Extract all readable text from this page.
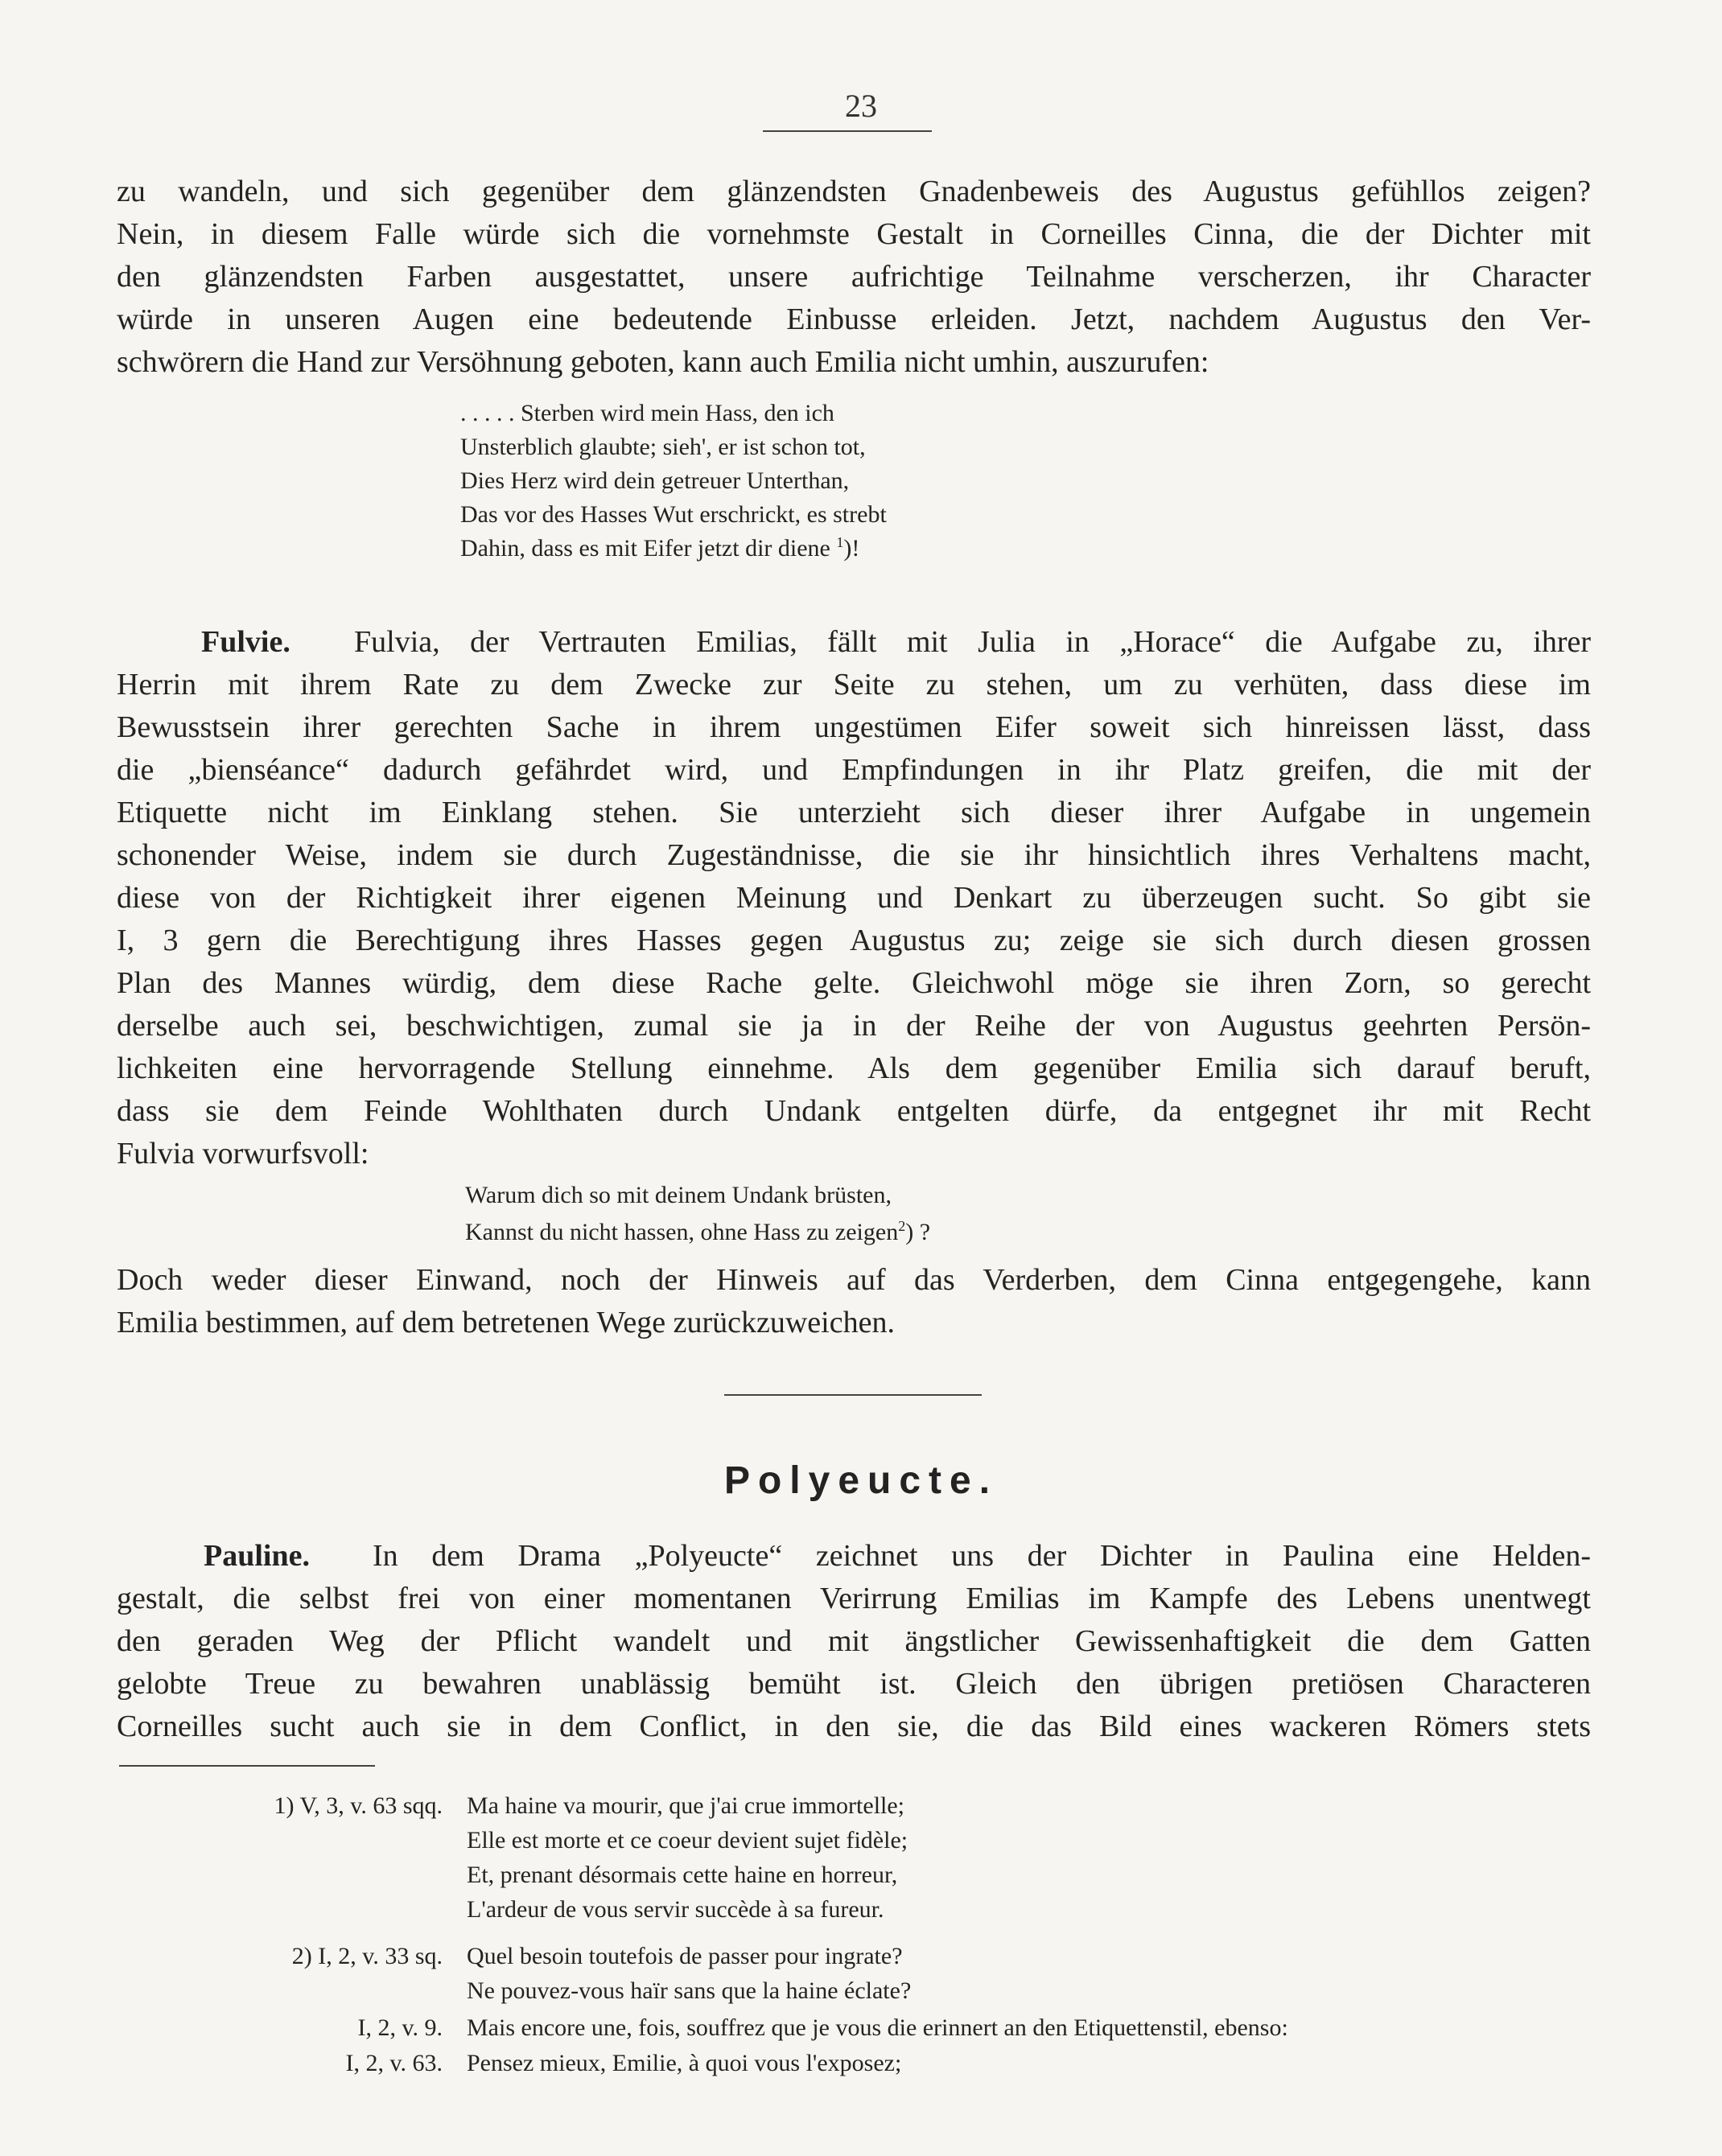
23
zu wandeln, und sich gegenüber dem glänzendsten Gnadenbeweis des Augustus gefühllos zeigen?
Nein, in diesem Falle würde sich die vornehmste Gestalt in Corneilles Cinna, die der Dichter mit
den glänzendsten Farben ausgestattet, unsere aufrichtige Teilnahme verscherzen, ihr Character
würde in unseren Augen eine bedeutende Einbusse erleiden. Jetzt, nachdem Augustus den Ver-
schwörern die Hand zur Versöhnung geboten, kann auch Emilia nicht umhin, auszurufen:
. . . . . Sterben wird mein Hass, den ich
Unsterblich glaubte; sieh', er ist schon tot,
Dies Herz wird dein getreuer Unterthan,
Das vor des Hasses Wut erschrickt, es strebt
Dahin, dass es mit Eifer jetzt dir diene $^1$)!
Fulvie. Fulvia, der Vertrauten Emilias, fällt mit Julia in „Horace“ die Aufgabe zu, ihrer
Herrin mit ihrem Rate zu dem Zwecke zur Seite zu stehen, um zu verhüten, dass diese im
Bewusstsein ihrer gerechten Sache in ihrem ungestümen Eifer soweit sich hinreissen lässt, dass
die „bienséance“ dadurch gefährdet wird, und Empfindungen in ihr Platz greifen, die mit der
Etiquette nicht im Einklang stehen. Sie unterzieht sich dieser ihrer Aufgabe in ungemein
schonender Weise, indem sie durch Zugeständnisse, die sie ihr hinsichtlich ihres Verhaltens macht,
diese von der Richtigkeit ihrer eigenen Meinung und Denkart zu überzeugen sucht. So gibt sie
I, 3 gern die Berechtigung ihres Hasses gegen Augustus zu; zeige sie sich durch diesen grossen
Plan des Mannes würdig, dem diese Rache gelte. Gleichwohl möge sie ihren Zorn, so gerecht
derselbe auch sei, beschwichtigen, zumal sie ja in der Reihe der von Augustus geehrten Persön-
lichkeiten eine hervorragende Stellung einnehme. Als dem gegenüber Emilia sich darauf beruft,
dass sie dem Feinde Wohlthaten durch Undank entgelten dürfe, da entgegnet ihr mit Recht
Fulvia vorwurfsvoll:
Warum dich so mit deinem Undank brüsten,
Kannst du nicht hassen, ohne Hass zu zeigen$^2$) ?
Doch weder dieser Einwand, noch der Hinweis auf das Verderben, dem Cinna entgegengehe, kann
Emilia bestimmen, auf dem betretenen Wege zurückzuweichen.
Polyeucte.
Pauline. In dem Drama „Polyeucte“ zeichnet uns der Dichter in Paulina eine Helden-
gestalt, die selbst frei von einer momentanen Verirrung Emilias im Kampfe des Lebens unentwegt
den geraden Weg der Pflicht wandelt und mit ängstlicher Gewissenhaftigkeit die dem Gatten
gelobte Treue zu bewahren unablässig bemüht ist. Gleich den übrigen pretiösen Characteren
Corneilles sucht auch sie in dem Conflict, in den sie, die das Bild eines wackeren Römers stets
1) V, 3, v. 63 sqq. Ma haine va mourir, que j'ai crue immortelle;
Elle est morte et ce coeur devient sujet fidèle;
Et, prenant désormais cette haine en horreur,
L'ardeur de vous servir succède à sa fureur.
2) I, 2, v. 33 sq. Quel besoin toutefois de passer pour ingrate?
Ne pouvez-vous haïr sans que la haine éclate?
I, 2, v. 9. Mais encore une, fois, souffrez que je vous die erinnert an den Etiquettenstil, ebenso:
I, 2, v. 63. Pensez mieux, Emilie, à quoi vous l'exposez;
